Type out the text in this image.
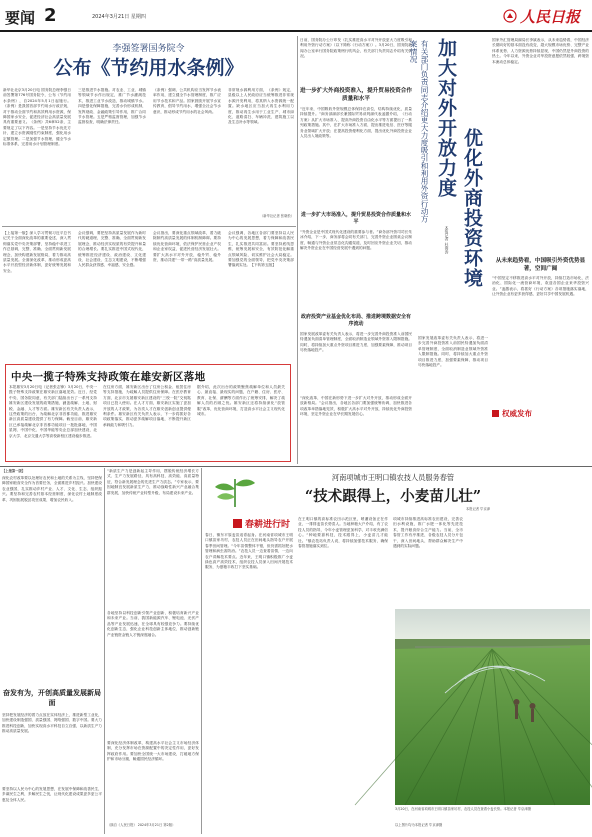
要闻 2	2024年3月21日 星期四	人民日报
李强签署国务院令
公布《节约用水条例》
新华社北京3月20日电 国务院总理李强日前签署第776号国务院令，公布《节约用水条例》，自2024年5月1日起施行。《条例》是我国首部节约用水行政法规，对于推动全面节约和高效利用水资源，保障国家水安全，促进经济社会高质量发展具有重要意义。《条例》共6章52条，主要规定了以下内容。一是坚持节水优先方针，建立水资源刚性约束制度，强化用水定额管理。二是加强节水管理，健全节水标准体系，完善用水计划管理制度。
三是推进节水措施。对农业、工业、城镇等领域节水作出规定，推广节水灌溉技术，推进工业节水改造，推动城镇节水。四是强化保障措施，完善水价形成机制，发挥财政、金融政策引导作用，推广合同节水管理。五是严格监督管理，加强节水监督检查，明确法律责任。
《条例》强调，公共机构应当发挥节水表率作用，建立健全节水管理制度，推广应用节水技术和产品。国家鼓励开展节水宣传教育，倡导节约用水，增强全社会节水意识，推动形成节约用水的社会风尚。
非常规水源利用方面，《条例》规定，县级以上人民政府应当统筹推进非常规水源开发利用，将其纳入水资源统一配置。缺水地区应当加大再生水利用力度，推动再生水用于工业生产、城市绿化、道路清扫、车辆冲洗、建筑施工以及生态补水等领域。
（新华社记者 张晓松）
【上接第一版】深入学习贯彻习近平总书记关于全面深化改革的重要论述，深入贯彻落实党中央决策部署，坚持稳中求进工作总基调，完整、准确、全面贯彻新发展理念，加快构建新发展格局，着力推动高质量发展。全面深化改革，推动形成更高水平开放型经济新体制，更好统筹发展和安全。
会议强调，要把坚持高质量发展作为新时代的硬道理，完整、准确、全面贯彻新发展理念，推动经济实现质的有效提升和量的合理增长。要扎实推进中国式现代化，统筹推进经济建设、政治建设、文化建设、社会建设、生态文明建设，不断增强人民群众获得感、幸福感、安全感。
会议指出，要深化重点领域改革，着力破除制约高质量发展的体制机制障碍。要持续优化营商环境，依法保护民营企业产权和企业家权益，促进民营经济发展壮大。要扩大高水平对外开放，稳外贸、稳外资，推动共建“一带一路”高质量发展。
会议强调，各地区各部门要坚持以人民为中心的发展思想，着力保障和改善民生，扎实推进共同富裕。要坚持底线思维，统筹发展和安全，有效防范化解重点领域风险，切实维护社会大局稳定。要加强党的全面领导，把党中央决策部署落到实处。【下转第五版】
中央一揽子特殊支持政策在雄安新区落地
本报雄安3月20日电（记者张志锋）3月20日，中央一揽子特殊支持政策在雄安新区落地见效。近日，经党中央、国务院同意，有关部门陆续出台了一系列支持雄安新区建设发展的政策措施，涵盖疏解、土地、财税、金融、人才等方面。雄安新区有关负责人表示，这些政策的出台，为疏解北京非首都功能、推进雄安新区高质量建设提供了有力保障。截至目前，雄安新区已承接疏解北京非首都功能项目一批批落地，中国星网、中国中化、中国华能等央企总部加快建设，北京大学、北京交通大学等高校新校区建设稳步推进。
在住房方面，雄安新区出台了住房公积金、租赁住房等支持措施，为疏解人员提供住房保障。在医疗教育方面，北京市支援雄安新区建设的“三校一院”交钥匙项目已投入使用。在人才方面，雄安新区实施了更加开放的人才政策，为各类人才在雄安创新创业提供便利条件。雄安新区有关负责人表示，下一步将抓好各项政策落实，推动更多疏解项目落地，不断提升新区承载能力和吸引力。
据介绍，此次出台的政策聚焦疏解单位和人员最关心、最直接、最现实的问题，在户籍、住房、医疗、教育、社保、薪酬等方面作出了统筹安排，解决了疏解人员的后顾之忧。雄安新区还将持续深化“放管服”改革，优化营商环境，打造高水平社会主义现代化城市。
日前，国务院办公厅印发《扎实推进高水平对外开放更大力度吸引和利用外资行动方案》（以下简称《行动方案》）。3月20日，国务院新闻办公室举行国务院政策例行吹风会，有关部门负责同志介绍有关情况。
进一步扩大外商投资准入，提升贸易投资合作质量和水平
“近年来，中国吸收外资规模总体保持在高位，结构持续优化，质量持续提升。”商务部副部长兼国际贸易谈判副代表凌激介绍，《行动方案》从扩大市场准入、提高外商投资自由化水平等方面提出了一系列政策措施。其中，在扩大市场准入方面，提出推进电信、医疗等服务业领域扩大开放；在提高投资便利化方面，提出优化外商投资企业人员出入境政策等。
进一步扩大市场准入，提升贸易投资合作质量和水平
“外资企业是中国式现代化建设的重要参与者。”商务部外资司司长朱冰介绍，下一步，商务部将会同有关部门，完善外资企业圆桌会议制度，畅通与外资企业常态化沟通渠道，及时回应外资企业关切，推动解决外资企业在中国经营发展中遇到的问题。
政府投资产业基金优化布局、推进跨境数据安全有序流动
国家发展改革委有关负责人表示，将进一步完善外商投资准入前国民待遇加负面清单管理制度，全面取消制造业领域外资准入限制措施。同时，将持续加大重点外资项目推进力度，加强要素保障，推动项目尽快落地投产。
“深化改革，中国在新形势下进一步扩大对外开放，推动形成全面开放新格局。”会议指出，各地区各部门要加强统筹协调，加快推进各项改革举措落地见效，积极扩大高水平对外开放，持续优化外商投资环境，坚定外资企业在华长期发展信心。
有关部门负责同志介绍更大力度吸引和利用外资行动方案情况 加大对外开放力度
优化外商投资环境
本报记者 杜海涛
国家外汇管理局副局长李斌表示，从未来趋势看，中国经济长期向好的基本面没有改变，超大规模市场优势、完整产业体系优势、人力资源优势持续显现，中国仍然是外商投资的热土。今年以来，外资企业对华投资意愿依然较强，跨境资本流动总体稳定。
从未来趋势看，中国吸引外资优势显著，空间广阔
“中国坚定不移推进高水平对外开放，持续打造市场化、法治化、国际化一流营商环境，欢迎各国企业来华投资兴业。”凌激表示，将抓好《行动方案》各项措施落实落地，让外资企业有更多获得感，更好共享中国发展机遇。
国家发展改革委有关负责人表示，将进一步完善外商投资准入前国民待遇加负面清单管理制度，全面取消制造业领域外资准入限制措施。同时，将持续加大重点外资项目推进力度，加强要素保障，推动项目尽快落地投产。
权威发布
【上接第一版】
深化农村改革要以处理好农民和土地的关系为主线，坚持把保障国家粮食安全作为首要任务，全面推进乡村振兴。加快建设农业强国，扎实推动乡村产业、人才、文化、生态、组织振兴。要坚持和完善农村基本经营制度，深化农村土地制度改革，巩固拓展脱贫攻坚成果，增加农民收入。
奋发有为，开创高质量发展新局面
坚持把发展经济的着力点放在实体经济上，推进新型工业化，加快建设制造强国、质量强国、网络强国、数字中国。要大力推进科技创新，加快实现高水平科技自立自强，以新质生产力推动高质量发展。
要坚持以人民为中心的发展思想，在发展中保障和改善民生，多谋民生之利，多解民生之忧，让现代化建设成果更多更公平惠及全体人民。
“新质生产力是创新起主导作用，摆脱传统经济增长方式、生产力发展路径，具有高科技、高效能、高质量特征，符合新发展理念的先进生产力质态。”专家表示，要因地制宜发展新质生产力，推动战略性新兴产业融合集群发展，加快传统产业转型升级，布局建设未来产业。
各地坚持以科技创新引领产业创新，积极培育新兴产业和未来产业。当前，我国新能源汽车、锂电池、光伏产品等产业发展迅速，在全球具有较强竞争力。要持续优化创新生态，强化企业科技创新主体地位，推动创新链产业链资金链人才链深度融合。
要深化经济体制改革，构建高水平社会主义市场经济体制，充分发挥市场在资源配置中的决定性作用，更好发挥政府作用。要加快全国统一大市场建设，打破地方保护和市场分割，畅通国民经济循环。
（摘自《人民日报》 2024年3月21日 第2版）
河南项城市王明口镇农技人员服务春管
“技术跟得上，小麦苗儿壮”
本报记者 毕京津
春耕进行时
春日，豫东平原麦苗返青起身。在河南省项城市王明口镇苗家坊村，农技人员正在田间地头指导农户开展春季田间管理。“今年苗情整体不错，但仍需抓好肥水管理和病虫害防治。”农技人员一边查看苗情，一边向农户讲解技术要点。近年来，王明口镇积极推广小麦绿色高产高效技术，组织农技人员深入田间开展技术服务，为夏粮丰收打下坚实基础。
在王明口镇的高标准农田示范区里，喷灌设备正在作业，一排排麦苗长势喜人。当地种粮大户介绍，有了农技人员的指导，今年小麦管理更加科学，对丰收充满信心。“种地要靠科技，技术跟得上，小麦苗儿才能壮。”镇农技站负责人说，将持续加强技术服务，确保春管措施落实到位。
项城市持续推进高标准农田建设，完善农田水利设施，推广水肥一体化等先进技术，提升粮食综合生产能力。当前，全市春管工作有序推进，各级农技人员分片包干，深入田间地头，帮助群众解决生产中遇到的实际问题。
3月20日，在河南省项城市王明口镇苗家坊村，农技人员在查看小麦长势。本报记者 毕京津摄
以上图片均为本报记者 毕京津摄
